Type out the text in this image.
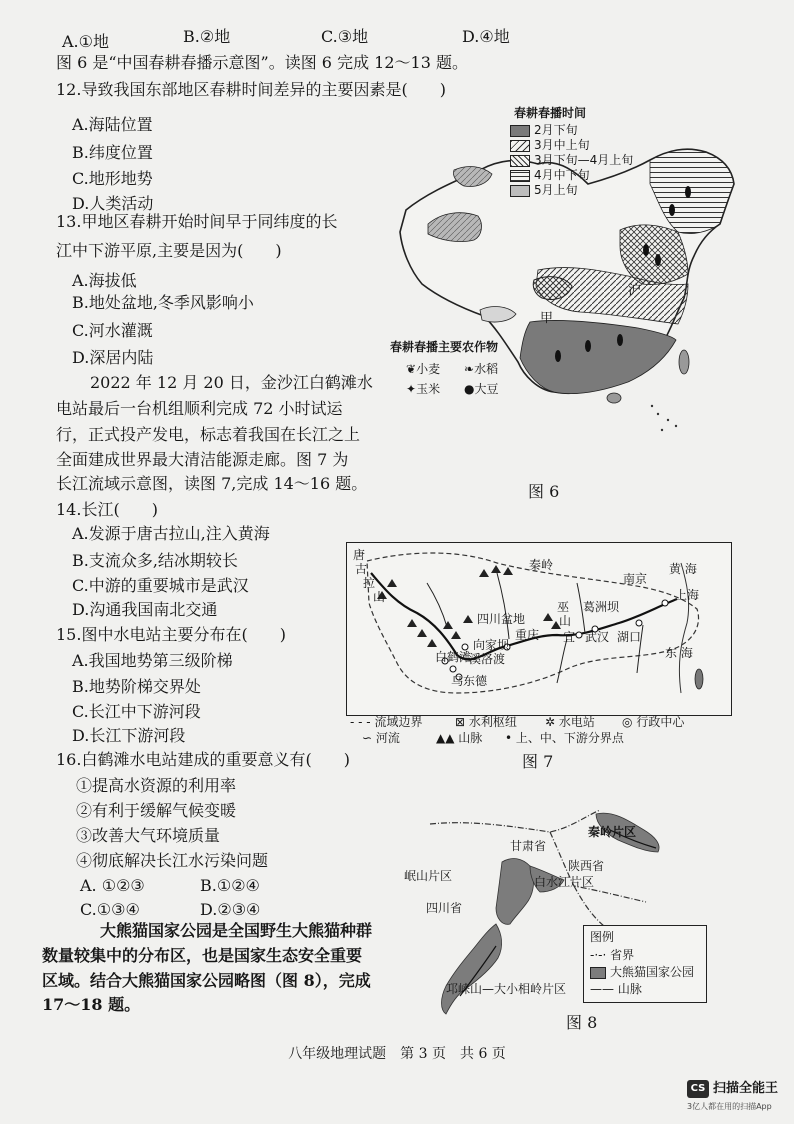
A.①地	B.②地	C.③地	D.④地
图 6 是“中国春耕春播示意图”。读图 6 完成 12～13 题。
12.导致我国东部地区春耕时间差异的主要因素是(　　)
A.海陆位置
B.纬度位置
C.地形地势
D.人类活动
13.甲地区春耕开始时间早于同纬度的长
江中下游平原,主要是因为(　　)
A.海拔低
B.地处盆地,冬季风影响小
C.河水灌溉
D.深居内陆
2022 年 12 月 20 日，金沙江白鹤滩水
电站最后一台机组顺利完成 72 小时试运
行，正式投产发电，标志着我国在长江之上
全面建成世界最大清洁能源走廊。图 7 为
长江流域示意图，读图 7,完成 14～16 题。
14.长江(　　)
A.发源于唐古拉山,注入黄海
B.支流众多,结冰期较长
C.中游的重要城市是武汉
D.沟通我国南北交通
15.图中水电站主要分布在(　　)
A.我国地势第三级阶梯
B.地势阶梯交界处
C.长江中下游河段
D.长江下游河段
16.白鹤滩水电站建成的重要意义有(　　)
①提高水资源的利用率
②有利于缓解气候变暖
③改善大气环境质量
④彻底解决长江水污染问题
A. ①②③	B.①②④
C.①③④	D.②③④
大熊猫国家公园是全国野生大熊猫种群
数量较集中的分布区，也是国家生态安全重要
区域。结合大熊猫国家公园略图（图 8），完成
17～18 题。
春耕春播时间
2月下旬
3月中上旬
3月下旬—4月上旬
4月中下旬
5月上旬
沪
甲
春耕春播主要农作物
❦小麦 ❧水稻
✦玉米 ●大豆
图 6
唐
古
拉
山
秦岭
南京
黄 海
上海
东 海
四川盆地
巫
山
葛洲坝
重庆 宜 武汉 湖口
向家坝
白鹤滩
溪洛渡
乌东德
- - - 流域边界	⊠ 水利枢纽 ✲ 水电站 ◎ 行政中心
∽ 河流	▲▲ 山脉 • 上、中、下游分界点
图 7
甘肃省
秦岭片区
岷山片区
陕西省
白水江片区
四川省
邛崃山—大小相岭片区
图例
-·-· 省界
大熊猫国家公园
—— 山脉
图 8
八年级地理试题　第 3 页　共 6 页
CS 扫描全能王
3亿人都在用的扫描App
